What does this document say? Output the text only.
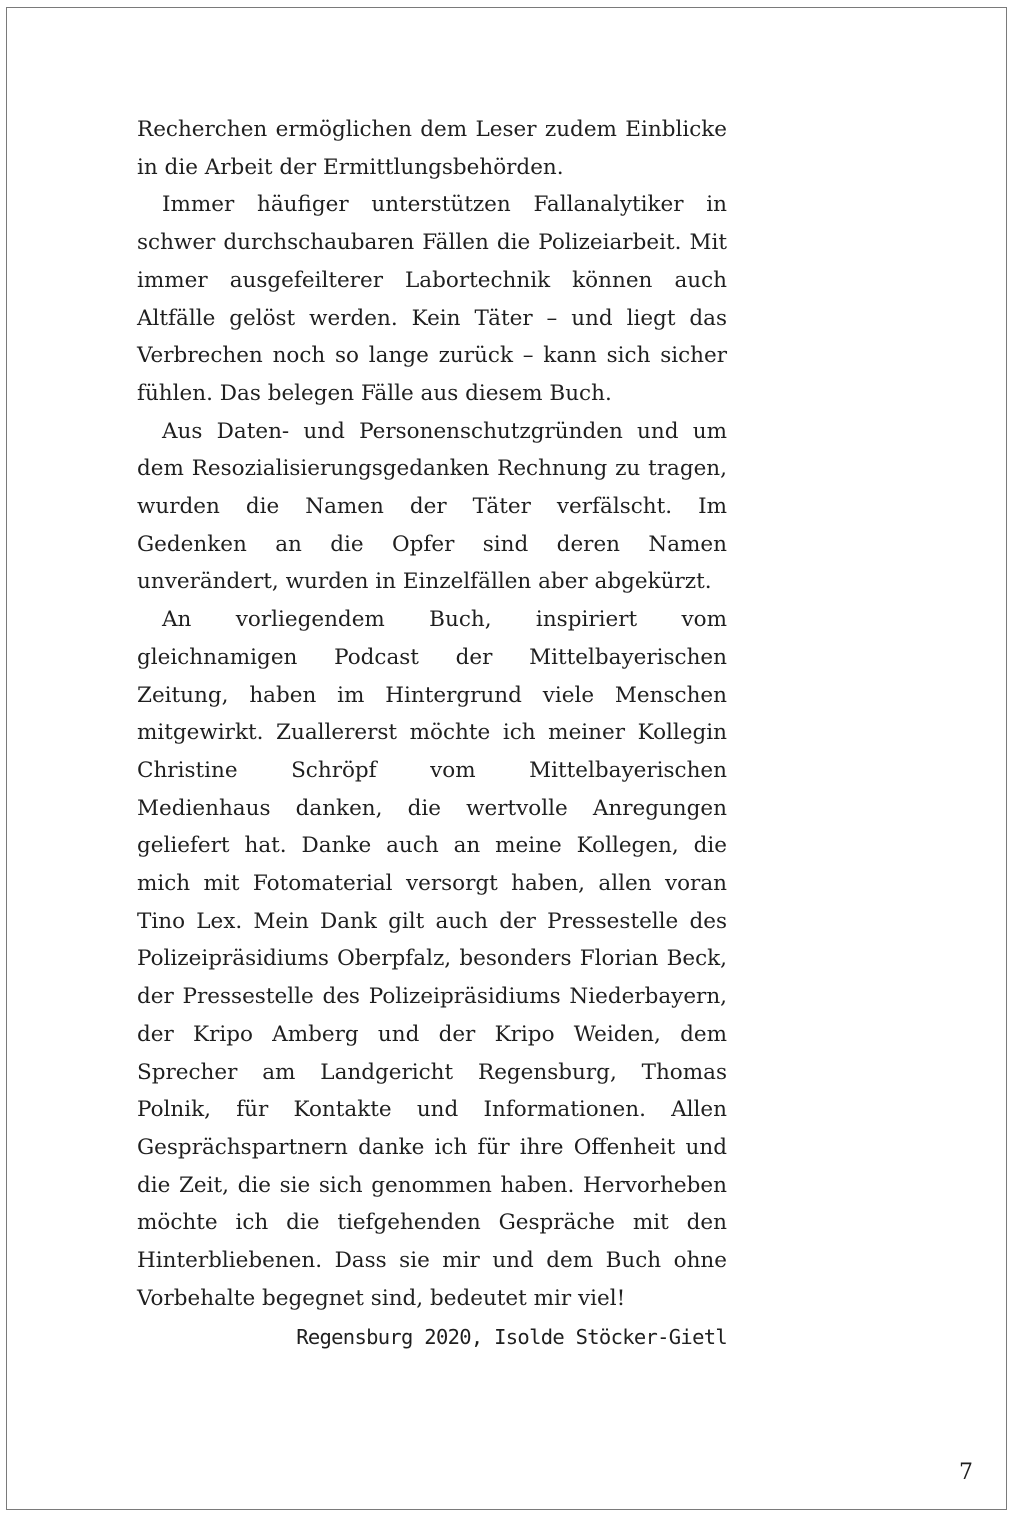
Recherchen ermöglichen dem Leser zudem Einblicke in die Arbeit der Ermittlungsbehörden.

Immer häufiger unterstützen Fallanalytiker in schwer durchschaubaren Fällen die Polizeiarbeit. Mit immer ausgefeilterer Labortechnik können auch Altfälle gelöst werden. Kein Täter – und liegt das Verbrechen noch so lange zurück – kann sich sicher fühlen. Das belegen Fälle aus diesem Buch.

Aus Daten- und Personenschutzgründen und um dem Resozialisierungsgedanken Rechnung zu tragen, wurden die Namen der Täter verfälscht. Im Gedenken an die Opfer sind deren Namen unverändert, wurden in Einzelfällen aber abgekürzt.

An vorliegendem Buch, inspiriert vom gleichnamigen Podcast der Mittelbayerischen Zeitung, haben im Hintergrund viele Menschen mitgewirkt. Zuallererst möchte ich meiner Kollegin Christine Schröpf vom Mittelbayerischen Medienhaus danken, die wertvolle Anregungen geliefert hat. Danke auch an meine Kollegen, die mich mit Fotomaterial versorgt haben, allen voran Tino Lex. Mein Dank gilt auch der Pressestelle des Polizeipräsidiums Oberpfalz, besonders Florian Beck, der Pressestelle des Polizeipräsidiums Niederbayern, der Kripo Amberg und der Kripo Weiden, dem Sprecher am Landgericht Regensburg, Thomas Polnik, für Kontakte und Informationen. Allen Gesprächspartnern danke ich für ihre Offenheit und die Zeit, die sie sich genommen haben. Hervorheben möchte ich die tiefgehenden Gespräche mit den Hinterbliebenen. Dass sie mir und dem Buch ohne Vorbehalte begegnet sind, bedeutet mir viel!

Regensburg 2020, Isolde Stöcker-Gietl
7
